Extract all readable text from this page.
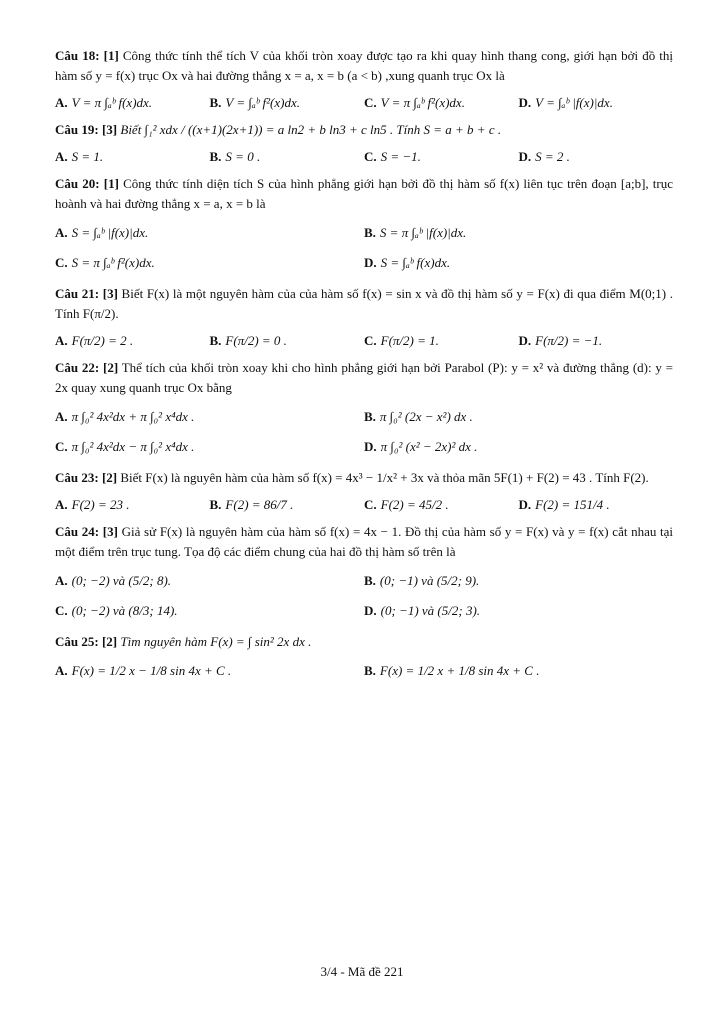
Câu 18: [1] Công thức tính thể tích V của khối tròn xoay được tạo ra khi quay hình thang cong, giới hạn bởi đồ thị hàm số y = f(x) trục Ox và hai đường thẳng x = a, x = b (a < b) ,xung quanh trục Ox là

A. V = π ∫ₐᵇ f(x)dx.	B. V = ∫ₐᵇ f²(x)dx.	C. V = π ∫ₐᵇ f²(x)dx.	D. V = ∫ₐᵇ |f(x)|dx.

Câu 19: [3] Biết ∫₁² xdx / ((x+1)(2x+1)) = a ln2 + b ln3 + c ln5 . Tính S = a + b + c .

A. S = 1.	B. S = 0 .	C. S = −1.	D. S = 2 .

Câu 20: [1] Công thức tính diện tích S của hình phẳng giới hạn bởi đồ thị hàm số f(x) liên tục trên đoạn [a;b], trục hoành và hai đường thẳng x = a, x = b là

A. S = ∫ₐᵇ |f(x)|dx.	B. S = π ∫ₐᵇ |f(x)|dx.
C. S = π ∫ₐᵇ f²(x)dx.	D. S = ∫ₐᵇ f(x)dx.

Câu 21: [3] Biết F(x) là một nguyên hàm của của hàm số f(x) = sin x và đồ thị hàm số y = F(x) đi qua điểm M(0;1) . Tính F(π/2).

A. F(π/2) = 2 .	B. F(π/2) = 0 .	C. F(π/2) = 1.	D. F(π/2) = −1.

Câu 22: [2] Thể tích của khối tròn xoay khi cho hình phẳng giới hạn bởi Parabol (P): y = x² và đường thẳng (d): y = 2x quay xung quanh trục Ox bằng

A. π ∫₀² 4x²dx + π ∫₀² x⁴dx .	B. π ∫₀² (2x − x²) dx .
C. π ∫₀² 4x²dx − π ∫₀² x⁴dx .	D. π ∫₀² (x² − 2x)² dx .

Câu 23: [2] Biết F(x) là nguyên hàm của hàm số f(x) = 4x³ − 1/x² + 3x và thỏa mãn 5F(1) + F(2) = 43 . Tính F(2).

A. F(2) = 23 .	B. F(2) = 86/7 .	C. F(2) = 45/2 .	D. F(2) = 151/4 .

Câu 24: [3] Giả sử F(x) là nguyên hàm của hàm số f(x) = 4x − 1. Đồ thị của hàm số y = F(x) và y = f(x) cắt nhau tại một điểm trên trục tung. Tọa độ các điểm chung của hai đồ thị hàm số trên là

A. (0; −2) và (5/2; 8).	B. (0; −1) và (5/2; 9).
C. (0; −2) và (8/3; 14).	D. (0; −1) và (5/2; 3).

Câu 25: [2] Tìm nguyên hàm F(x) = ∫ sin² 2x dx .

A. F(x) = 1/2 x − 1/8 sin 4x + C .	B. F(x) = 1/2 x + 1/8 sin 4x + C .
3/4 - Mã đề 221
